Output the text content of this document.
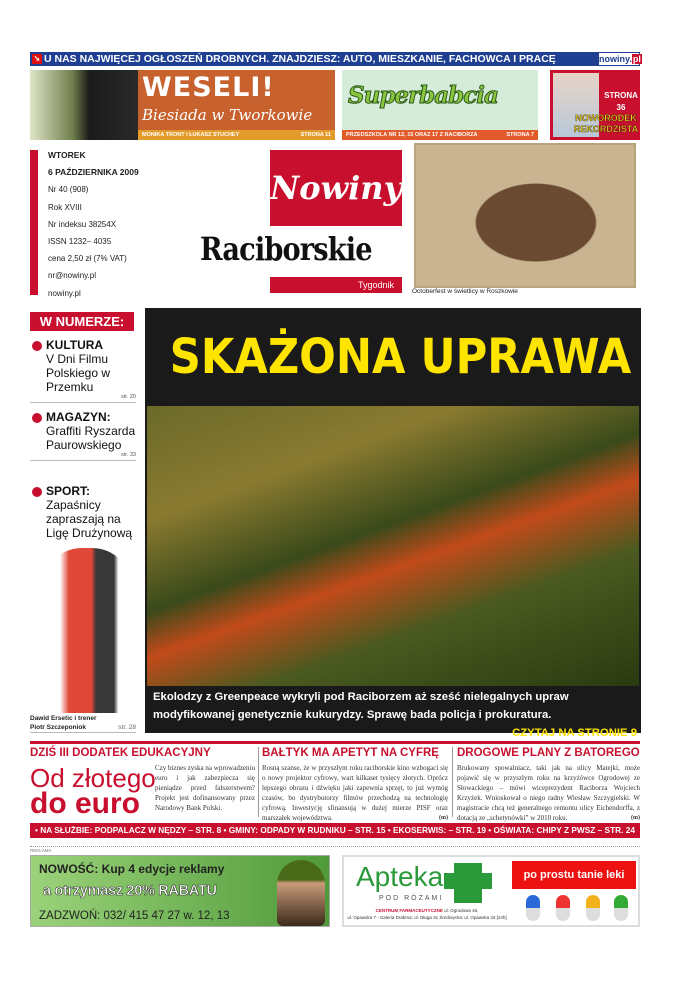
➘ U NAS NAJWIĘCEJ OGŁOSZEŃ DROBNYCH. ZNAJDZIESZ: AUTO, MIESZKANIE, FACHOWCA I PRACĘ	nowiny.pl
WESELI!
Biesiada w Tworkowie
MONIKA TRONT I ŁUKASZ STUCHEY	STRONA 11
Superbabcia
PRZEDSZKOLA NR 12, 15 ORAZ 17 Z RACIBORZA	STRONA 7
STRONA
36
NOWORODEK
REKORDZISTA
WTOREK
6 PAŹDZIERNIKA 2009
Nr 40 (908)
Rok XVIII
Nr indeksu 38254X
ISSN 1232– 4035
cena 2,50 zł (7% VAT)
nr@nowiny.pl
nowiny.pl
Nowiny
Raciborskie
Tygodnik
Octoberfest w świetlicy w Roszkowie
W NUMERZE:
KULTURA
V Dni Filmu Polskiego w Przemku
str. 20
MAGAZYN:
Graffiti Ryszarda Paurowskiego
str. 33
SPORT:
Zapaśnicy zapraszają na Ligę Drużynową
Dawid Ersetic i trener
Piotr Szczeponiok	str. 28
SKAŻONA UPRAWA
Ekolodzy z Greenpeace wykryli pod Raciborzem aż sześć nielegalnych upraw modyfikowanej genetycznie kukurydzy. Sprawę bada policja i prokuratura.
CZYTAJ NA STRONIE 9
DZIŚ III DODATEK EDUKACYJNY
Czy biznes zyska na wprowadzeniu euro i jak zabezpiecza się pieniądze przed fałszerstwem? Projekt jest dofinansowany przez Narodowy Bank Polski.
Od złotego
do euro
BAŁTYK MA APETYT NA CYFRĘ
Rosną szanse, że w przyszłym roku raciborskie kino wzbogaci się o nowy projektor cyfrowy, wart kilkaset tysięcy złotych. Oprócz lepszego obrazu i dźwięku jaki zapewnia sprzęt, to już wymóg czasów, bo dystrybutorzy filmów przechodzą na technologię cyfrową. Inwestycję sfinansują w dużej mierze PISF oraz marszałek województwa.	(m)
DROGOWE PLANY Z BATOREGO
Brukowany spowalniacz, taki jak na ulicy Matejki, może pojawić się w przyszłym roku na krzyżówce Ogrodowej ze Słowackiego – mówi wiceprezydent Raciborza Wojciech Krzyżek. Wnioskował o niego radny Wiesław Szczygielski. W magistracie chcą też generalnego remontu ulicy Eichendorffa, z dotacją ze „schetynówki” w 2010 roku.	(m)
• NA SŁUŻBIE: PODPALACZ W NĘDZY – STR. 8 • GMINY: ODPADY W RUDNIKU – STR. 15 • EKOSERWIS: – STR. 19 • OŚWIATA: CHIPY Z PWSZ – STR. 24
REKLAMA
NOWOŚĆ: Kup 4 edycje reklamy
a otrzymasz 20% RABATU
ZADZWOŃ: 032/ 415 47 27 w. 12, 13
Apteka
POD RÓŻAMI
CENTRUM FARMACEUTYCZNE ul. Ogrodowa 46,
ul. Opawska 7 - Galeria Drabma; ul. Długa 31 Średnięcka; ul. Opawska 33 [24h]
po prostu tanie leki
